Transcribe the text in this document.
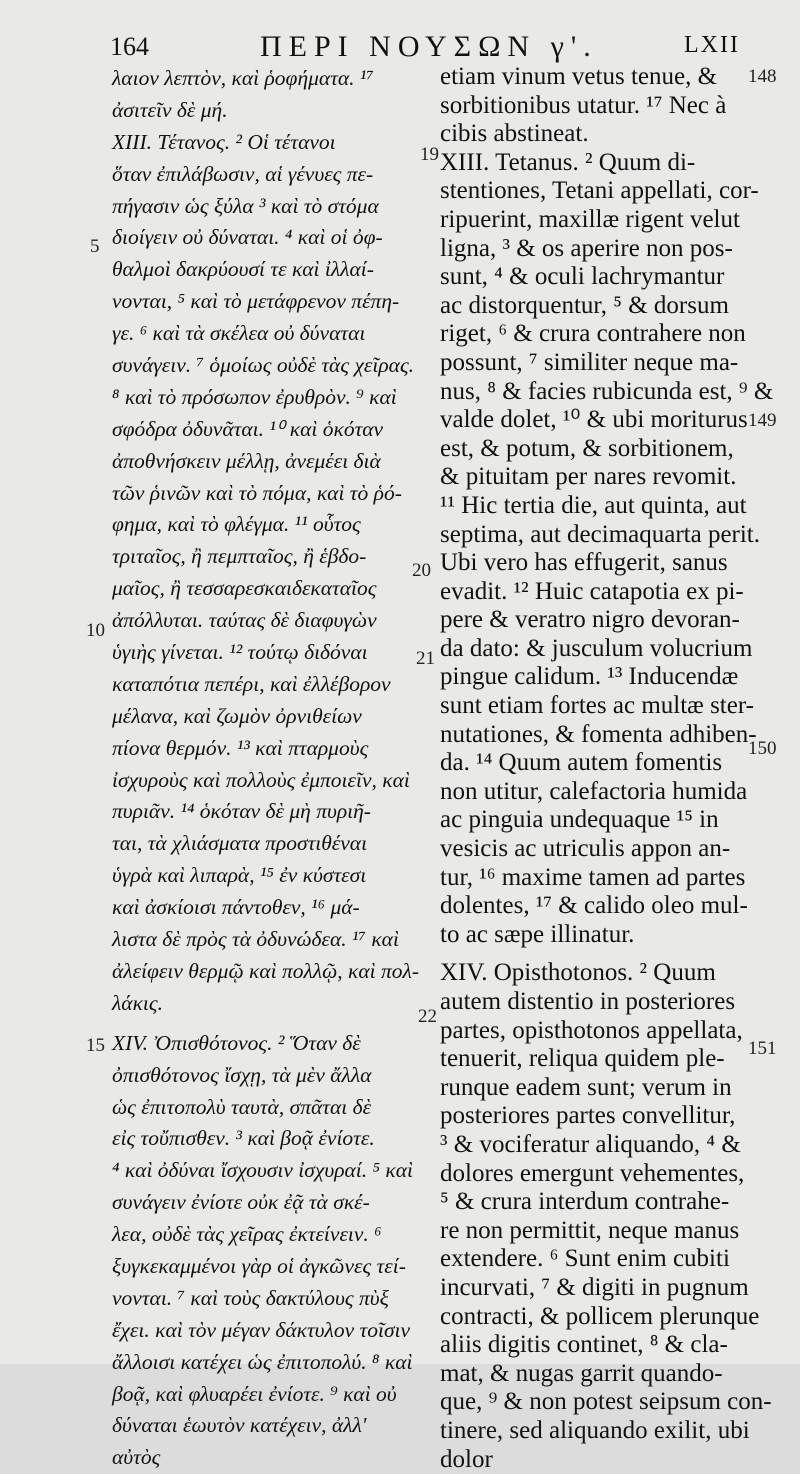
164	ΠΕΡΙ ΝΟΥΣΩΝ γ'.	LXII
λαιον λεπτὸν, καὶ ῥοφήματα. ¹⁷
ἀσιτεῖν δὲ μή.
XIII. Τέτανος. ² Οἱ τέτανοι
ὅταν ἐπιλάβωσιν, αἱ γένυες πε-
πήγασιν ὡς ξύλα ³ καὶ τὸ στόμα
διοίγειν οὐ δύναται. ⁴ καὶ οἱ ὀφ-
θαλμοὶ δακρύουσί τε καὶ ἰλλαί-
νονται, ⁵ καὶ τὸ μετάφρενον πέπη-
γε. ⁶ καὶ τὰ σκέλεα οὐ δύναται
συνάγειν. ⁷ ὁμοίως οὐδὲ τὰς χεῖρας.
⁸ καὶ τὸ πρόσωπον ἐρυθρὸν. ⁹ καὶ
σφόδρα ὀδυνᾶται. ¹⁰ καὶ ὁκόταν
ἀποθνήσκειν μέλλῃ, ἀνεμέει διὰ
τῶν ῥινῶν καὶ τὸ πόμα, καὶ τὸ ῥό-
φημα, καὶ τὸ φλέγμα. ¹¹ οὗτος
τριταῖος, ἢ πεμπταῖος, ἢ ἑβδο-
μαῖος, ἢ τεσσαρεσκαιδεκαταῖος
ἀπόλλυται. ταύτας δὲ διαφυγὼν
ὑγιὴς γίνεται. ¹² τούτῳ διδόναι
καταπότια πεπέρι, καὶ ἐλλέβορον
μέλανα, καὶ ζωμὸν ὀρνιθείων
πίονα θερμόν. ¹³ καὶ πταρμοὺς
ἰσχυροὺς καὶ πολλοὺς ἐμποιεῖν, καὶ
πυριᾶν. ¹⁴ ὁκόταν δὲ μὴ πυριῆ-
ται, τὰ χλιάσματα προστιθέναι
ὑγρὰ καὶ λιπαρὰ, ¹⁵ ἐν κύστεσι
καὶ ἀσκίοισι πάντοθεν, ¹⁶ μά-
λιστα δὲ πρὸς τὰ ὀδυνώδεα. ¹⁷ καὶ
ἀλείφειν θερμῷ καὶ πολλῷ, καὶ πολ-
λάκις.
XIV. Ὀπισθότονος. ² Ὅταν δὲ
ὀπισθότονος ἴσχῃ, τὰ μὲν ἄλλα
ὡς ἐπιτοπολὺ ταυτὰ, σπᾶται δὲ
εἰς τοὔπισθεν. ³ καὶ βοᾷ ἐνίοτε.
⁴ καὶ ὀδύναι ἴσχουσιν ἰσχυραί. ⁵ καὶ
συνάγειν ἐνίοτε οὐκ ἐᾷ τὰ σκέ-
λεα, οὐδὲ τὰς χεῖρας ἐκτείνειν. ⁶
ξυγκεκαμμένοι γὰρ οἱ ἀγκῶνες τεί-
νονται. ⁷ καὶ τοὺς δακτύλους πὺξ
ἔχει. καὶ τὸν μέγαν δάκτυλον τοῖσιν
ἄλλοισι κατέχει ὡς ἐπιτοπολύ. ⁸ καὶ
βοᾷ, καὶ φλυαρέει ἐνίοτε. ⁹ καὶ οὐ
δύναται ἑωυτὸν κατέχειν, ἀλλ'
αὐτὸς
etiam vinum vetus tenue, &
sorbitionibus utatur. ¹⁷ Nec à
cibis abstineat.
XIII. Tetanus. ² Quum di-
stentiones, Tetani appellati, cor-
ripuerint, maxillæ rigent velut
ligna, ³ & os aperire non pos-
sunt, ⁴ & oculi lachrymantur
ac distorquentur, ⁵ & dorsum
riget, ⁶ & crura contrahere non
possunt, ⁷ similiter neque ma-
nus, ⁸ & facies rubicunda est, ⁹ &
valde dolet, ¹⁰ & ubi moriturus
est, & potum, & sorbitionem,
& pituitam per nares revomit.
¹¹ Hic tertia die, aut quinta, aut
septima, aut decimaquarta perit.
Ubi vero has effugerit, sanus
evadit. ¹² Huic catapotia ex pi-
pere & veratro nigro devoran-
da dato: & jusculum volucrium
pingue calidum. ¹³ Inducendæ
sunt etiam fortes ac multæ ster-
nutationes, & fomenta adhiben-
da. ¹⁴ Quum autem fomentis
non utitur, calefactoria humida
ac pinguia undequaque ¹⁵ in
vesicis ac utriculis appon an-
tur, ¹⁶ maxime tamen ad partes
dolentes, ¹⁷ & calido oleo mul-
to ac sæpe illinatur.
XIV. Opisthotonos. ² Quum
autem distentio in posteriores
partes, opisthotonos appellata,
tenuerit, reliqua quidem ple-
runque eadem sunt; verum in
posteriores partes convellitur,
³ & vociferatur aliquando, ⁴ &
dolores emergunt vehementes,
⁵ & crura interdum contrahe-
re non permittit, neque manus
extendere. ⁶ Sunt enim cubiti
incurvati, ⁷ & digiti in pugnum
contracti, & pollicem plerunque
aliis digitis continet, ⁸ & cla-
mat, & nugas garrit quando-
que, ⁹ & non potest seipsum con-
tinere, sed aliquando exilit, ubi
dolor
5
10
15
19
20
21
22
148
149
150
151
